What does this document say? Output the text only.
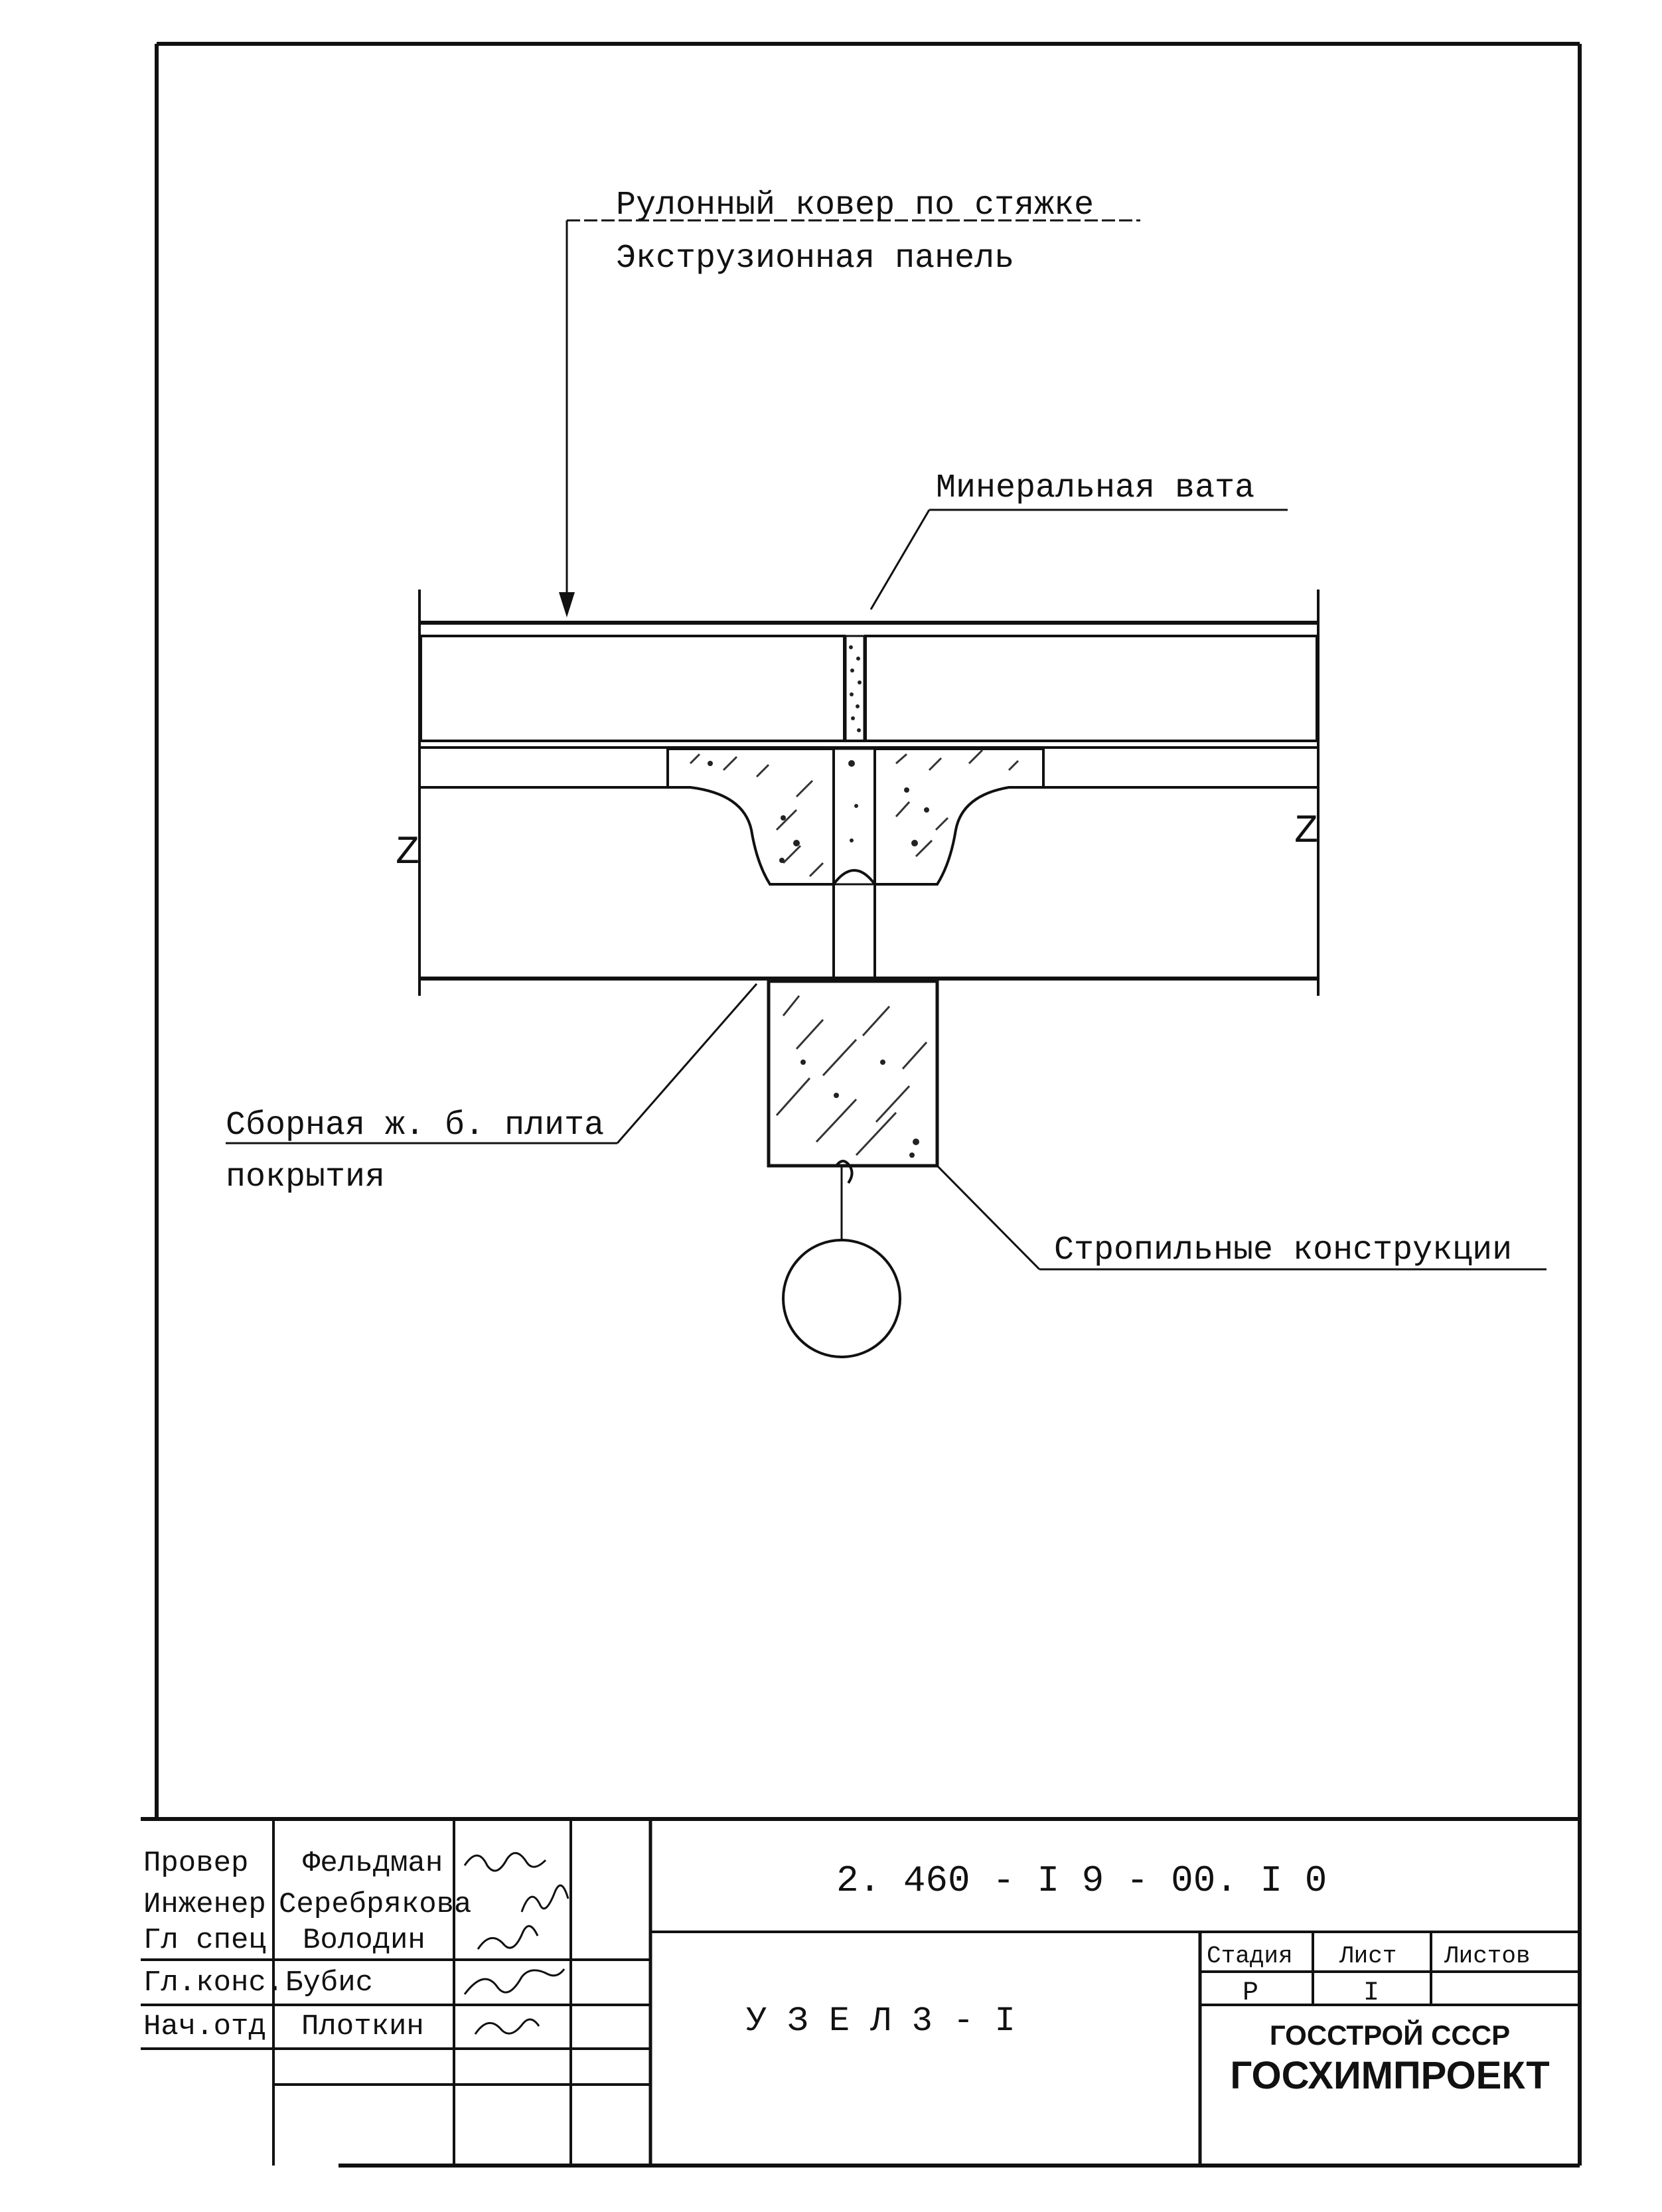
Z	Z
Рулонный ковер по стяжке
Экструзионная панель
Минеральная вата
Сборная ж. б. плита
покрытия
Стропильные конструкции
2. 460 - I 9 - 00. I 0
У З Е Л 3 - I
Стадия Лист Листов
Р	I
ГОССТРОЙ СССР
ГОСХИМПРОЕКТ
Провер Фельдман
Инженер Серебрякова
Гл спец Володин
Гл.конс. Бубис
Нач.отд Плоткин
